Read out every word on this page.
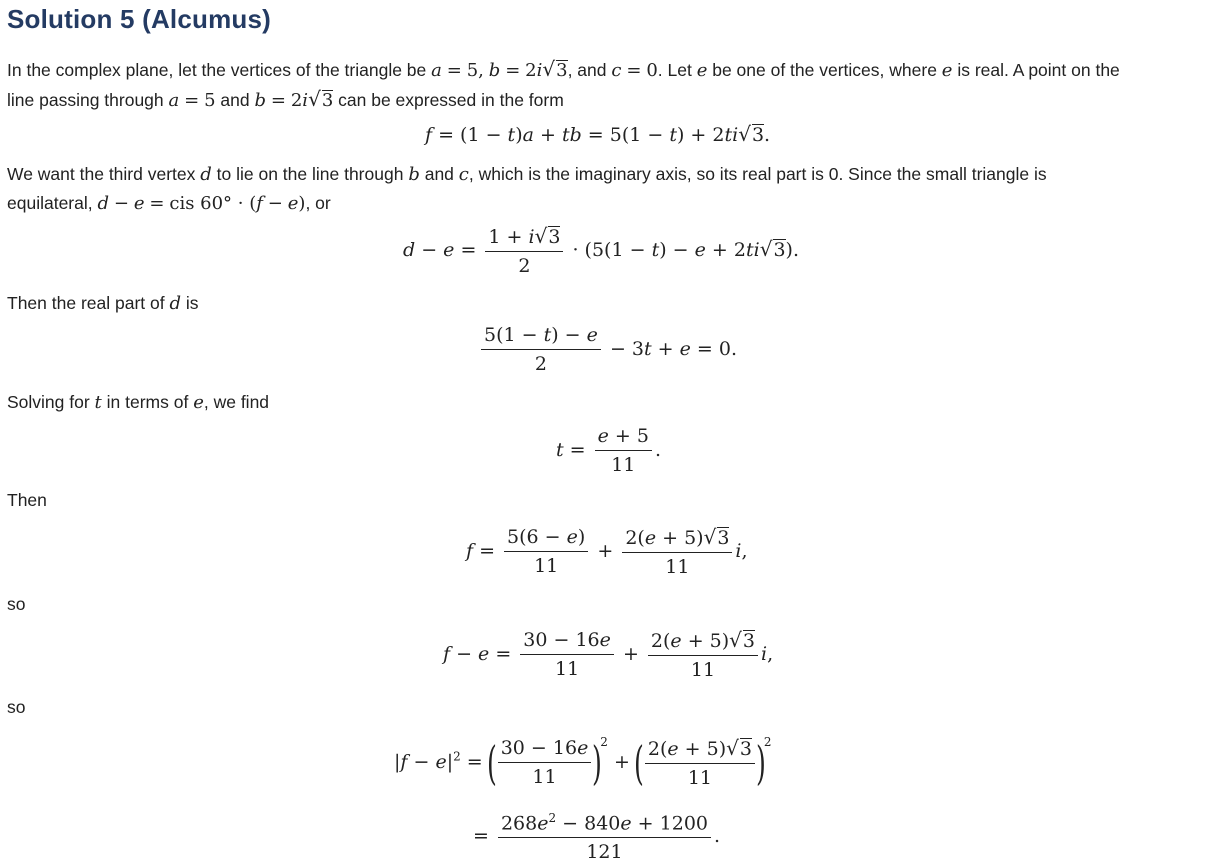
Solution 5 (Alcumus)

In the complex plane, let the vertices of the triangle be a = 5, b = 2i√3, and c = 0. Let e be one of the vertices, where e is real. A point on the
line passing through a = 5 and b = 2i√3 can be expressed in the form

f = (1 − t)a + tb = 5(1 − t) + 2ti√3.

We want the third vertex d to lie on the line through b and c, which is the imaginary axis, so its real part is 0. Since the small triangle is
equilateral, d − e = cis 60° · (f − e), or

$d - e = \frac{1 + i√3}{2} \cdot (5(1 - t) - e + 2ti√3)$.

Then the real part of d is

$\frac{5(1 - t) - e}{2} - 3t + e = 0$.

Solving for t in terms of e, we find

$t = \frac{e + 5}{11}$ .

Then

$f = \frac{5(6 - e)}{11} + \frac{2(e + 5)√3}{11} i$,

so

$f - e = \frac{30 - 16e}{11} + \frac{2(e + 5)√3}{11} i$,

so

$|f - e|^2$ = ( $\frac{30 - 16e}{11} )^2$ + ( $\frac{2(e + 5)√3}{11} )^2$
= $\frac{268e^2 - 840e + 1200}{121}$ .
